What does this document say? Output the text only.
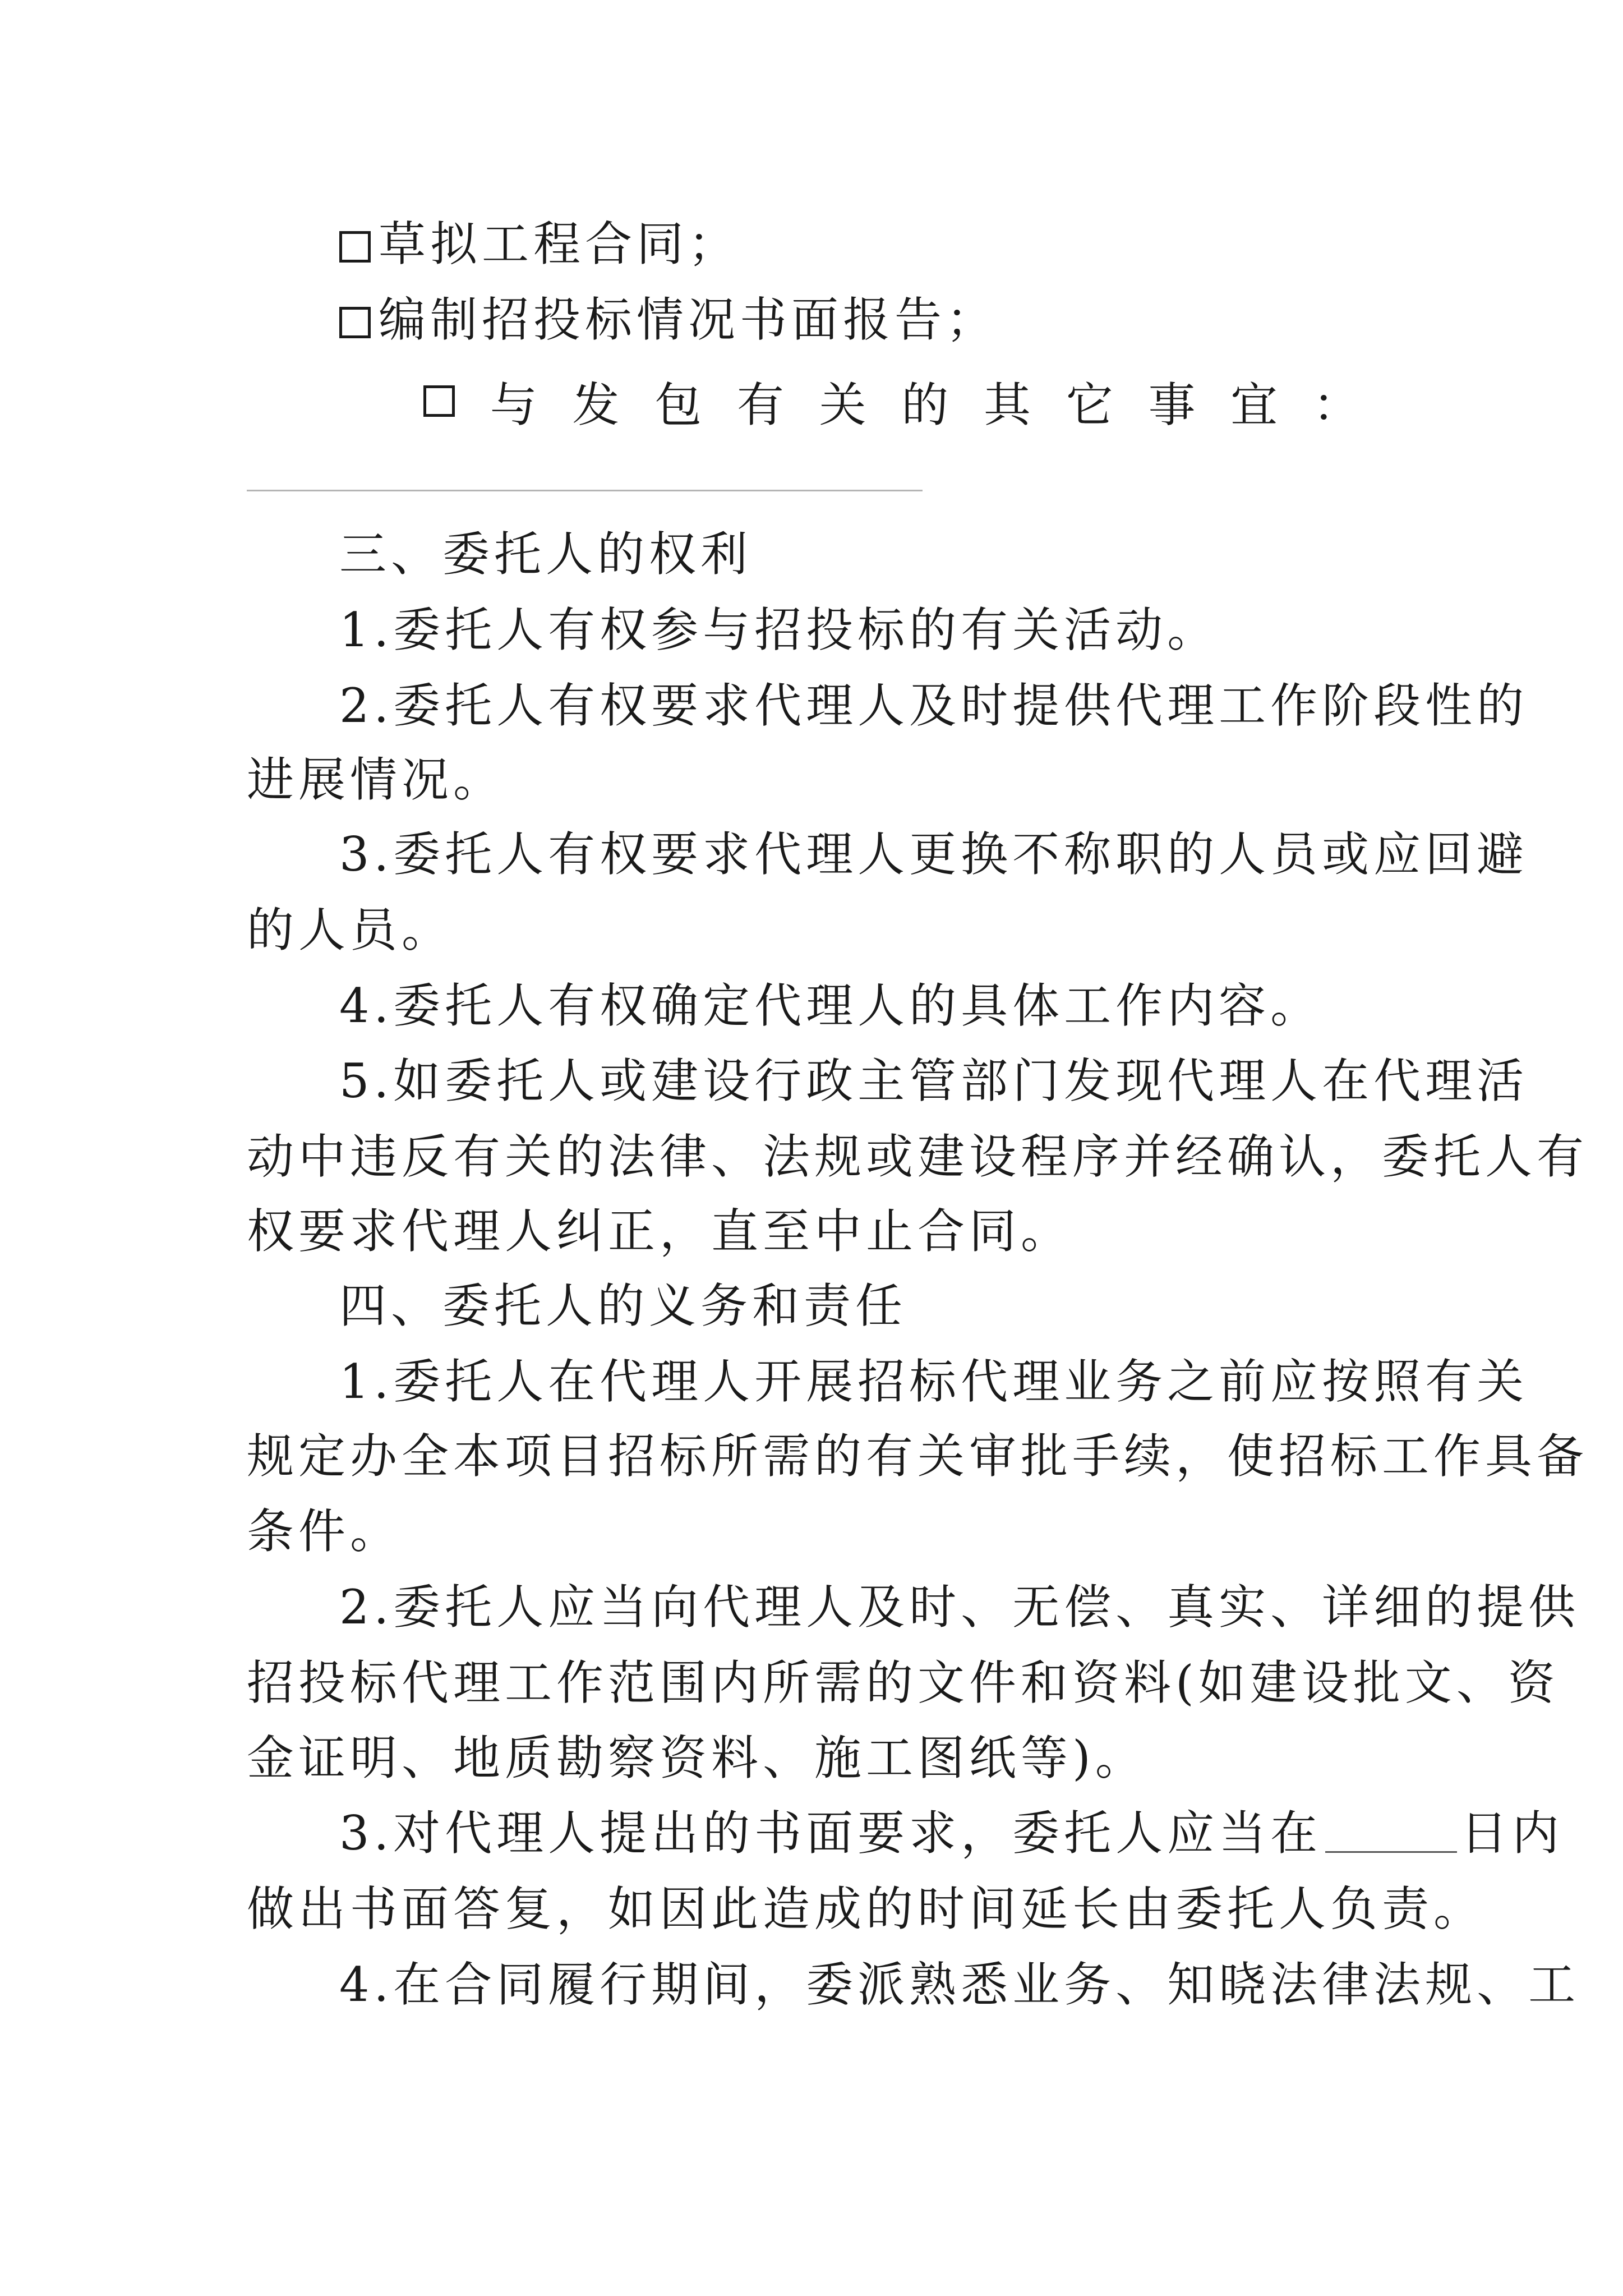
草拟工程合同；
编制招投标情况书面报告；
与 发 包 有 关 的 其 它 事 宜 ：
三、委托人的权利
1.委托人有权参与招投标的有关活动。
2.委托人有权要求代理人及时提供代理工作阶段性的
进展情况。
3.委托人有权要求代理人更换不称职的人员或应回避
的人员。
4.委托人有权确定代理人的具体工作内容。
5.如委托人或建设行政主管部门发现代理人在代理活
动中违反有关的法律、法规或建设程序并经确认，委托人有
权要求代理人纠正，直至中止合同。
四、委托人的义务和责任
1.委托人在代理人开展招标代理业务之前应按照有关
规定办全本项目招标所需的有关审批手续，使招标工作具备
条件。
2.委托人应当向代理人及时、无偿、真实、详细的提供
招投标代理工作范围内所需的文件和资料(如建设批文、资
金证明、地质勘察资料、施工图纸等)。
3.对代理人提出的书面要求，委托人应当在	日内
做出书面答复，如因此造成的时间延长由委托人负责。
4.在合同履行期间，委派熟悉业务、知晓法律法规、工
